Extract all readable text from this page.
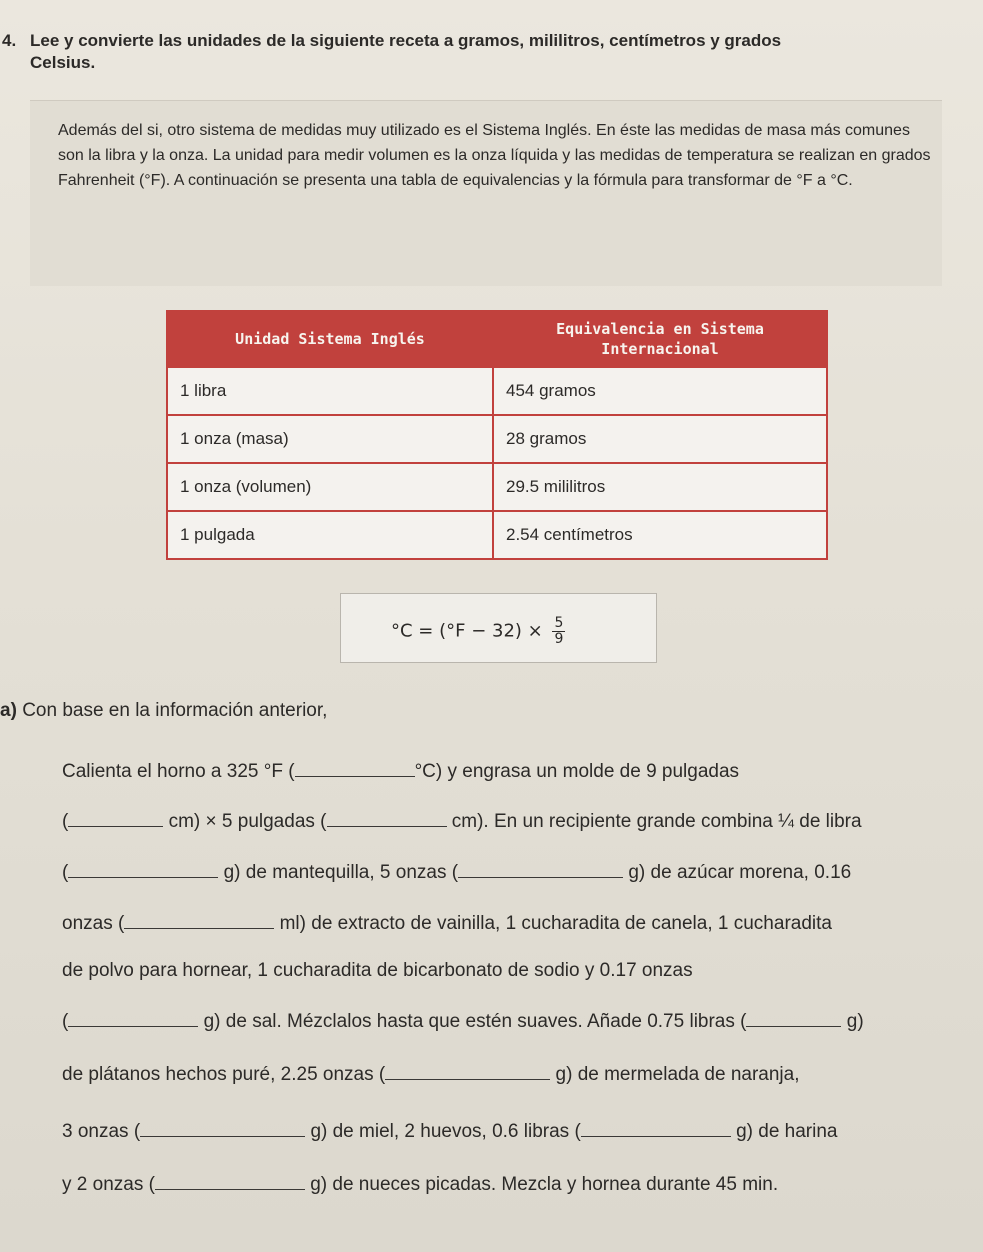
4. Lee y convierte las unidades de la siguiente receta a gramos, mililitros, centímetros y grados
Celsius.
Además del si, otro sistema de medidas muy utilizado es el Sistema Inglés. En éste las medidas de masa más comunes son la libra y la onza. La unidad para medir volumen es la onza líquida y las medidas de temperatura se realizan en grados Fahrenheit (°F). A continuación se presenta una tabla de equivalencias y la fórmula para transformar de °F a °C.
Unidad Sistema Inglés	Equivalencia en Sistema Internacional
1 libra	454 gramos
1 onza (masa)	28 gramos
1 onza (volumen)	29.5 mililitros
1 pulgada	2.54 centímetros
$^\circ C = (^\circ F - 32) \times \frac{5}{9}$
a) Con base en la información anterior,
Calienta el horno a 325 °F (	°C) y engrasa un molde de 9 pulgadas
(	cm) × 5 pulgadas (	cm). En un recipiente grande combina ¼ de libra
(	g) de mantequilla, 5 onzas (	g) de azúcar morena, 0.16
onzas (	ml) de extracto de vainilla, 1 cucharadita de canela, 1 cucharadita
de polvo para hornear, 1 cucharadita de bicarbonato de sodio y 0.17 onzas
(	g) de sal. Mézclalos hasta que estén suaves. Añade 0.75 libras (	g)
de plátanos hechos puré, 2.25 onzas (	g) de mermelada de naranja,
3 onzas (	g) de miel, 2 huevos, 0.6 libras (	g) de harina
y 2 onzas (	g) de nueces picadas. Mezcla y hornea durante 45 min.
